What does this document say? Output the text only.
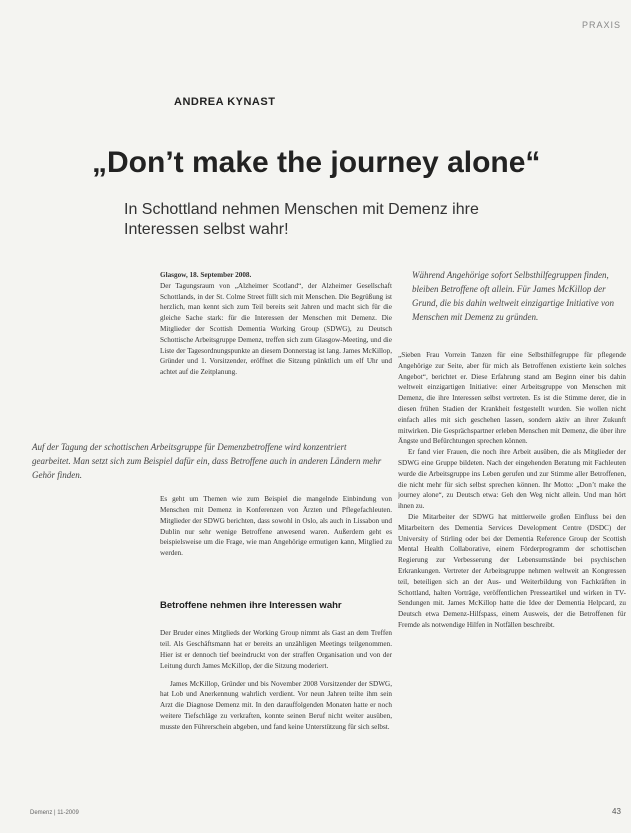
PRAXIS
ANDREA KYNAST
„Don’t make the journey alone“
In Schottland nehmen Menschen mit Demenz ihre Interessen selbst wahr!

Glasgow, 18. September 2008.

Der Tagungsraum von „Alzheimer Scotland“, der Alzheimer Gesellschaft Schottlands, in der St. Colme Street füllt sich mit Menschen. Die Begrüßung ist herzlich, man kennt sich zum Teil bereits seit Jahren und macht sich für die gleiche Sache stark: für die Interessen der Menschen mit Demenz. Die Mitglieder der Scottish Dementia Working Group (SDWG), zu Deutsch Schottische Arbeitsgruppe Demenz, treffen sich zum Glasgow-Meeting, und die Liste der Tagesordnungspunkte an diesem Donnerstag ist lang. James McKillop, Gründer und 1. Vorsitzender, eröffnet die Sitzung pünktlich um elf Uhr und achtet auf die Zeitplanung.

Auf der Tagung der schottischen Arbeitsgruppe für Demenzbetroffene wird konzentriert gearbeitet. Man setzt sich zum Beispiel dafür ein, dass Betroffene auch in anderen Ländern mehr Gehör finden.

Es geht um Themen wie zum Beispiel die mangelnde Einbindung von Menschen mit Demenz in Konferenzen von Ärzten und Pflegefachleuten. Mitglieder der SDWG berichten, dass sowohl in Oslo, als auch in Lissabon und Dublin nur sehr wenige Betroffene anwesend waren. Außerdem geht es beispielsweise um die Frage, wie man Angehörige ermutigen kann, Mitglied zu werden.

Betroffene nehmen ihre Interessen wahr

Der Bruder eines Mitglieds der Working Group nimmt als Gast an dem Treffen teil. Als Geschäftsmann hat er bereits an unzähligen Meetings teilgenommen. Hier ist er dennoch tief beeindruckt von der straffen Organisation und von der Leitung durch James McKillop, der die Sitzung moderiert.

James McKillop, Gründer und bis November 2008 Vorsitzender der SDWG, hat Lob und Anerkennung wahrlich verdient. Vor neun Jahren teilte ihm sein Arzt die Diagnose Demenz mit. In den darauffolgenden Monaten hatte er noch weitere Tiefschläge zu verkraften, konnte seinen Beruf nicht weiter ausüben, musste den Führerschein abgeben, und fand keine Unterstützung für sich selbst.

Während Angehörige sofort Selbsthilfegruppen finden, bleiben Betroffene oft allein. Für James McKillop der Grund, die bis dahin weltweit einzigartige Initiative von Menschen mit Demenz zu gründen.

„Sieben Frau Vorrein Tanzen für eine Selbsthilfegruppe für pflegende Angehörige zur Seite, aber für mich als Betroffenen existierte kein solches Angebot“, berichtet er. Diese Erfahrung stand am Beginn einer bis dahin weltweit einzigartigen Initiative: einer Arbeitsgruppe von Menschen mit Demenz, die ihre Interessen selbst vertreten. Es ist die Stimme derer, die in diesen frühen Stadien der Krankheit festgestellt wurden. Sie wollen nicht einfach alles mit sich geschehen lassen, sondern aktiv an ihrer Zukunft mitwirken. Die Gesprächspartner erleben Menschen mit Demenz, die über ihre Ängste und Befürchtungen sprechen können.

Er fand vier Frauen, die noch ihre Arbeit ausüben, die als Mitglieder der SDWG eine Gruppe bildeten. Nach der eingehenden Beratung mit Fachleuten wurde die Arbeitsgruppe ins Leben gerufen und zur Stimme aller Betroffenen, die nicht mehr für sich selbst sprechen können. Ihr Motto: „Don’t make the journey alone“, zu Deutsch etwa: Geh den Weg nicht allein. Und man hört ihnen zu.

Die Mitarbeiter der SDWG hat mittlerweile großen Einfluss bei den Mitarbeitern des Dementia Services Development Centre (DSDC) der University of Stirling oder bei der Dementia Reference Group der Scottish Mental Health Collaborative, einem Förderprogramm der schottischen Regierung zur Verbesserung der Lebensumstände bei psychischen Erkrankungen. Vertreter der Arbeitsgruppe nehmen weltweit an Kongressen teil, beteiligen sich an der Aus- und Weiterbildung von Fachkräften in Schottland, halten Vorträge, veröffentlichen Presseartikel und wirken in TV-Sendungen mit. James McKillop hatte die Idee der Dementia Helpcard, zu Deutsch etwa Demenz-Hilfspass, einem Ausweis, der die Betroffenen für Fremde als notwendige Hilfen in Notfällen beschreibt.

Demenz | 11-2009	43
